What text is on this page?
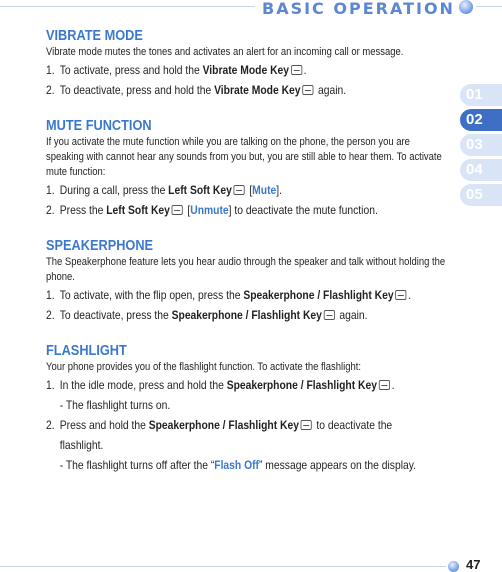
BASIC OPERATION
01
02
03
04
05
VIBRATE MODE

Vibrate mode mutes the tones and activates an alert for an incoming call or message.

1. To activate, press and hold the Vibrate Mode Key .

2. To deactivate, press and hold the Vibrate Mode Key again.

MUTE FUNCTION

If you activate the mute function while you are talking on the phone, the person you are speaking with cannot hear any sounds from you but, you are still able to hear them. To activate mute function:

1. During a call, press the Left Soft Key [Mute].

2. Press the Left Soft Key [Unmute] to deactivate the mute function.

SPEAKERPHONE

The Speakerphone feature lets you hear audio through the speaker and talk without holding the phone.

1. To activate, with the flip open, press the Speakerphone / Flashlight Key .

2. To deactivate, press the Speakerphone / Flashlight Key again.

FLASHLIGHT

Your phone provides you of the flashlight function. To activate the flashlight:

1. In the idle mode, press and hold the Speakerphone / Flashlight Key .

- The flashlight turns on.

2. Press and hold the Speakerphone / Flashlight Key to deactivate the

flashlight.

- The flashlight turns off after the “Flash Off” message appears on the display.

47
